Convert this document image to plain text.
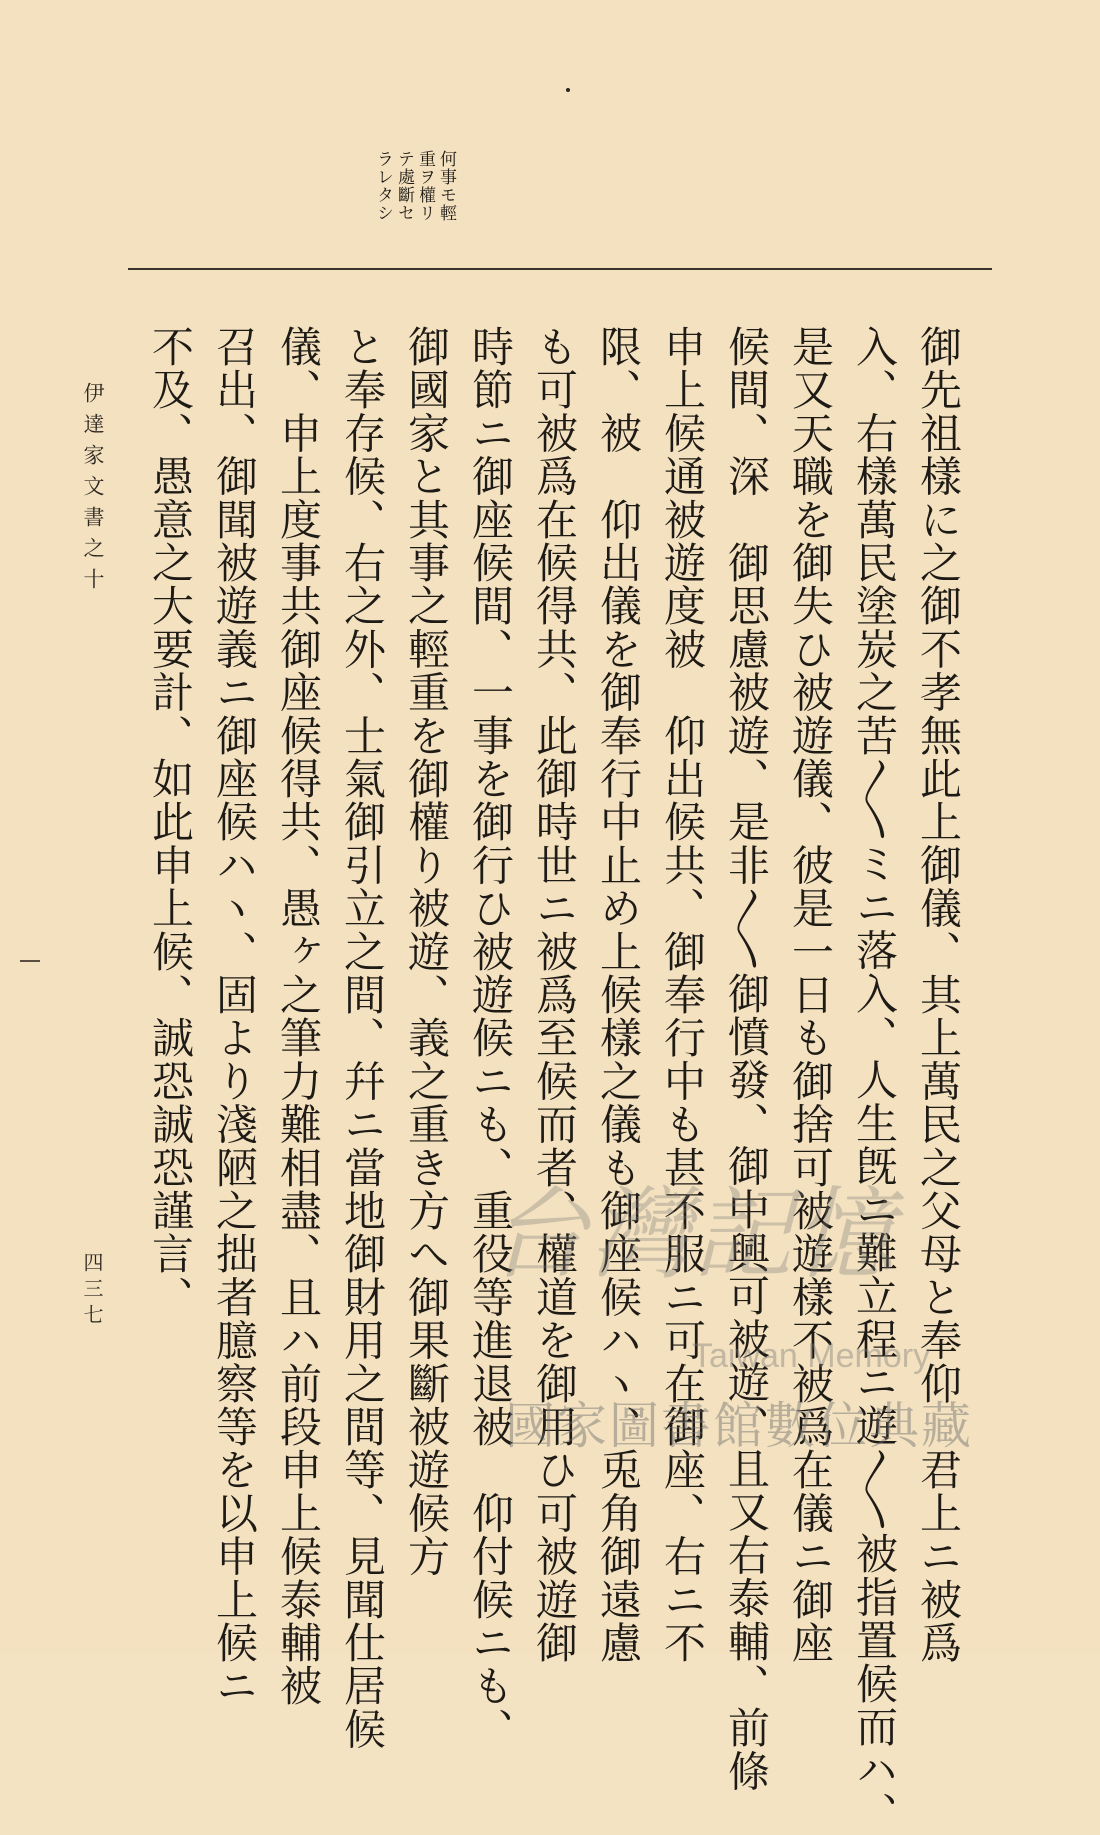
何事モ輕
重ヲ權リ
テ處斷セ
ラレタシ
御先祖樣に之御不孝無此上御儀、其上萬民之父母と奉仰　君上ニ被爲
入、右樣萬民塗炭之苦〳〵ミニ落入、人生旣ニ難立程ニ遊〳〵被指置候而ハ、
是又天職を御失ひ被遊儀、彼是一日も御捨可被遊樣不被爲在儀ニ御座
候間、深　御思慮被遊、是非〳〵御憤發、御中興可被遊、且又右泰輔、前條
申上候通被遊度被　仰出候共、御奉行中も甚不服ニ可在御座、右ニ不
限、被　仰出儀を御奉行中止め上候樣之儀も御座候ハヽ、兎角御遠慮
も可被爲在候得共、此御時世ニ被爲至候而者、權道を御用ひ可被遊御
時節ニ御座候間、一事を御行ひ被遊候ニも、重役等進退被　仰付候ニも、
御國家と其事之輕重を御權り被遊、義之重き方へ御果斷被遊候方
と奉存候、右之外、士氣御引立之間、幷ニ當地御財用之間等、見聞仕居候
儀、申上度事共御座候得共、愚ヶ之筆力難相盡、且ハ前段申上候泰輔被
召出、御聞被遊義ニ御座候ハヽ、固より淺陋之拙者臆察等を以申上候ニ
不及、愚意之大要計、如此申上候、誠恐誠恐謹言、
伊達家文書之十
四三七	台灣記憶
Taiwan Memory
國家圖書館數位典藏
